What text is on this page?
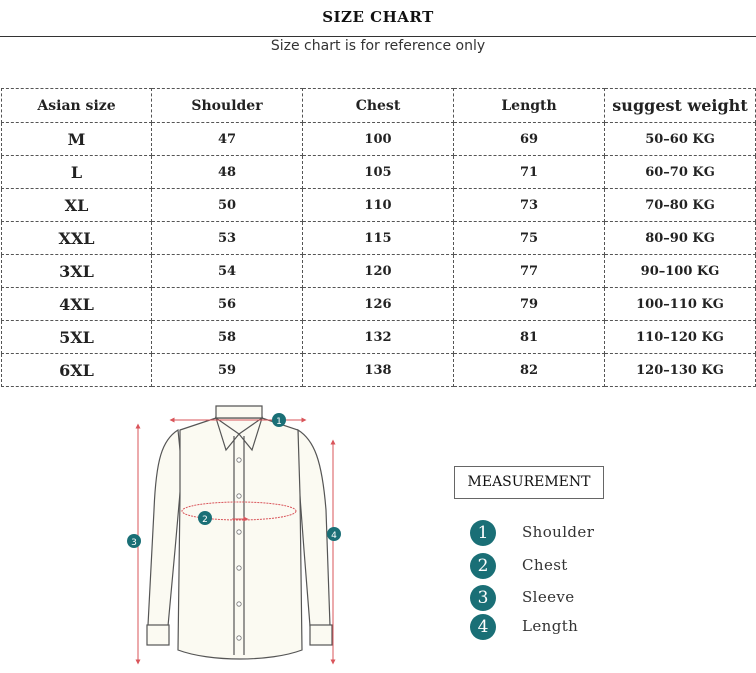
SIZE CHART
Size chart is for reference only
Asian size	Shoulder	Chest	Length	suggest weight
M	47	100	69	50–60 KG
L	48	105	71	60–70 KG
XL	50	110	73	70–80 KG
XXL	53	115	75	80–90 KG
3XL	54	120	77	90–100 KG
4XL	56	126	79	100–110 KG
5XL	58	132	81	110–120 KG
6XL	59	138	82	120–130 KG
1
2
3
4
MEASUREMENT
1	Shoulder
2	Chest
3	Sleeve
4	Length
